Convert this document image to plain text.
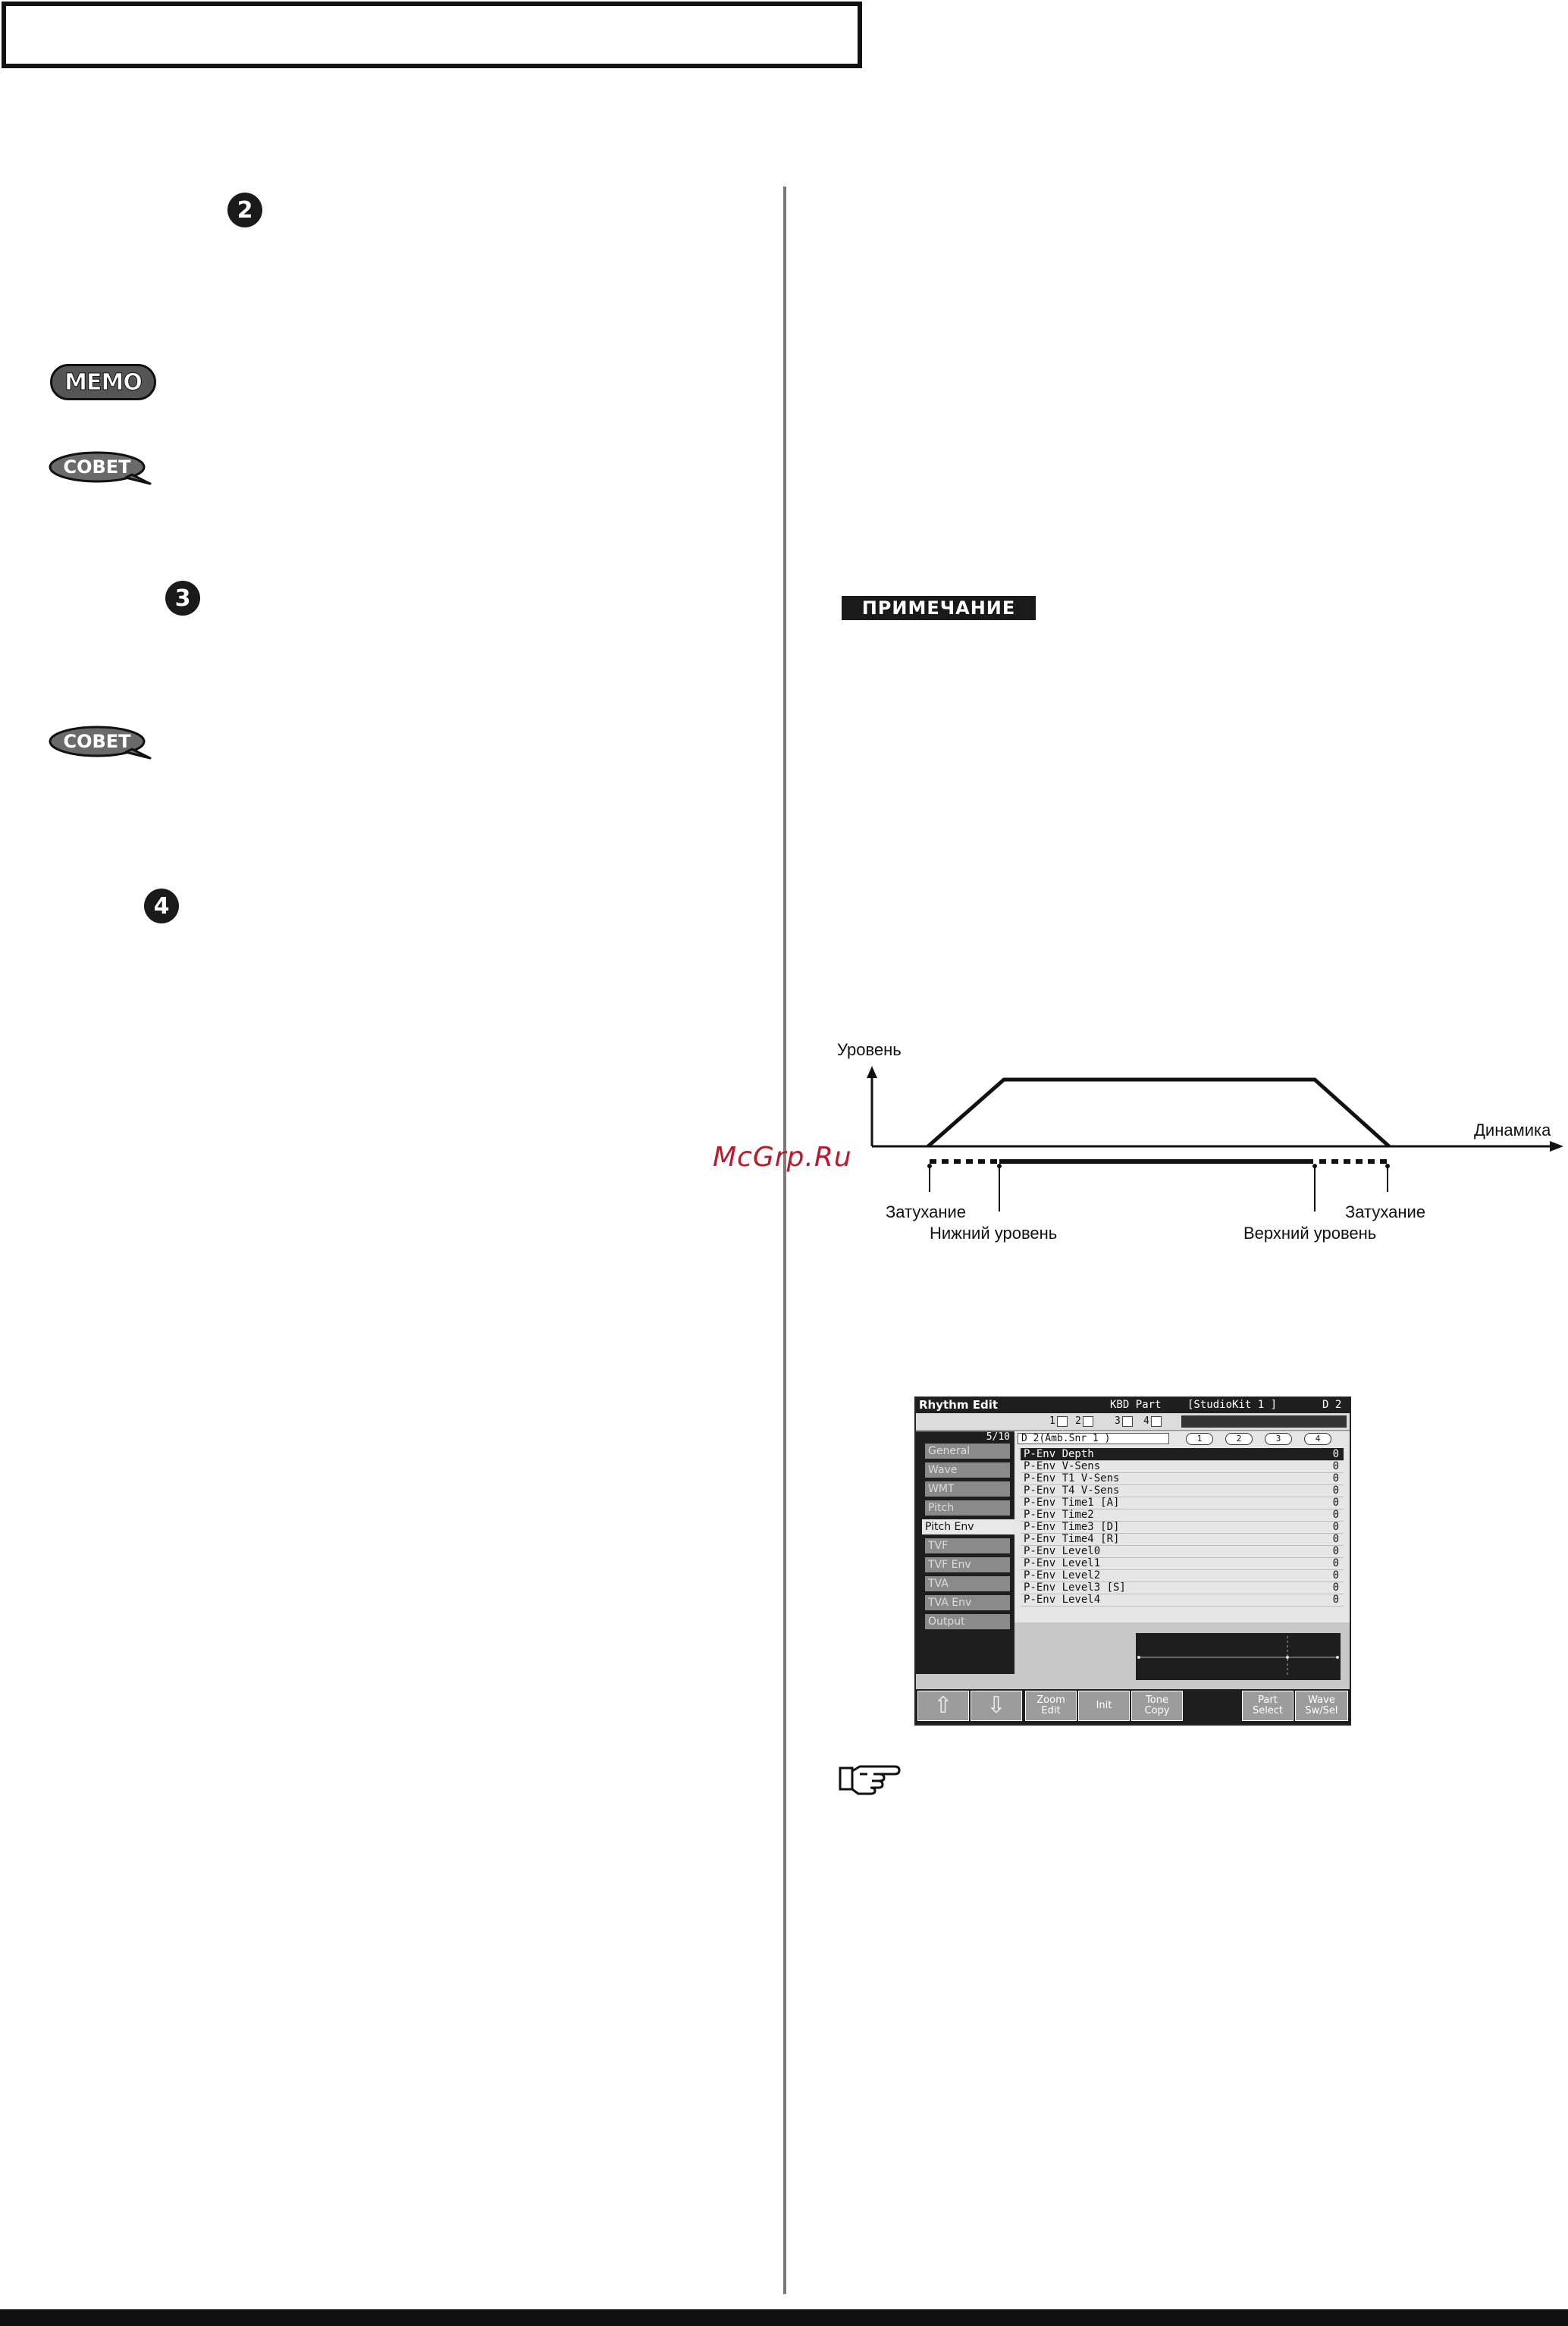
2
MEMO
СОВЕТ
3
СОВЕТ
4
ПРИМЕЧАНИЕ
Уровень
Динамика
Затухание
Нижний уровень	Верхний уровень
Затухание
McGrp.Ru
Rhythm Edit	KBD Part [StudioKit 1 ]	D 2
1 2	3 4
5/10
General
Wave
WMT
Pitch
Pitch Env
TVF
TVF Env
TVA
TVA Env
Output
D 2(Amb.Snr 1 )	1	2	3	4
P-Env Depth	0
P-Env V-Sens	0
P-Env T1 V-Sens	0
P-Env T4 V-Sens	0
P-Env Time1 [A]	0
P-Env Time2	0
P-Env Time3 [D]	0
P-Env Time4 [R]	0
P-Env Level0	0
P-Env Level1	0
P-Env Level2	0
P-Env Level3 [S]	0
P-Env Level4	0
⇧ ⇩	Zoom
Edit	Init	Tone
Copy
Part
Select
Wave
Sw/Sel
